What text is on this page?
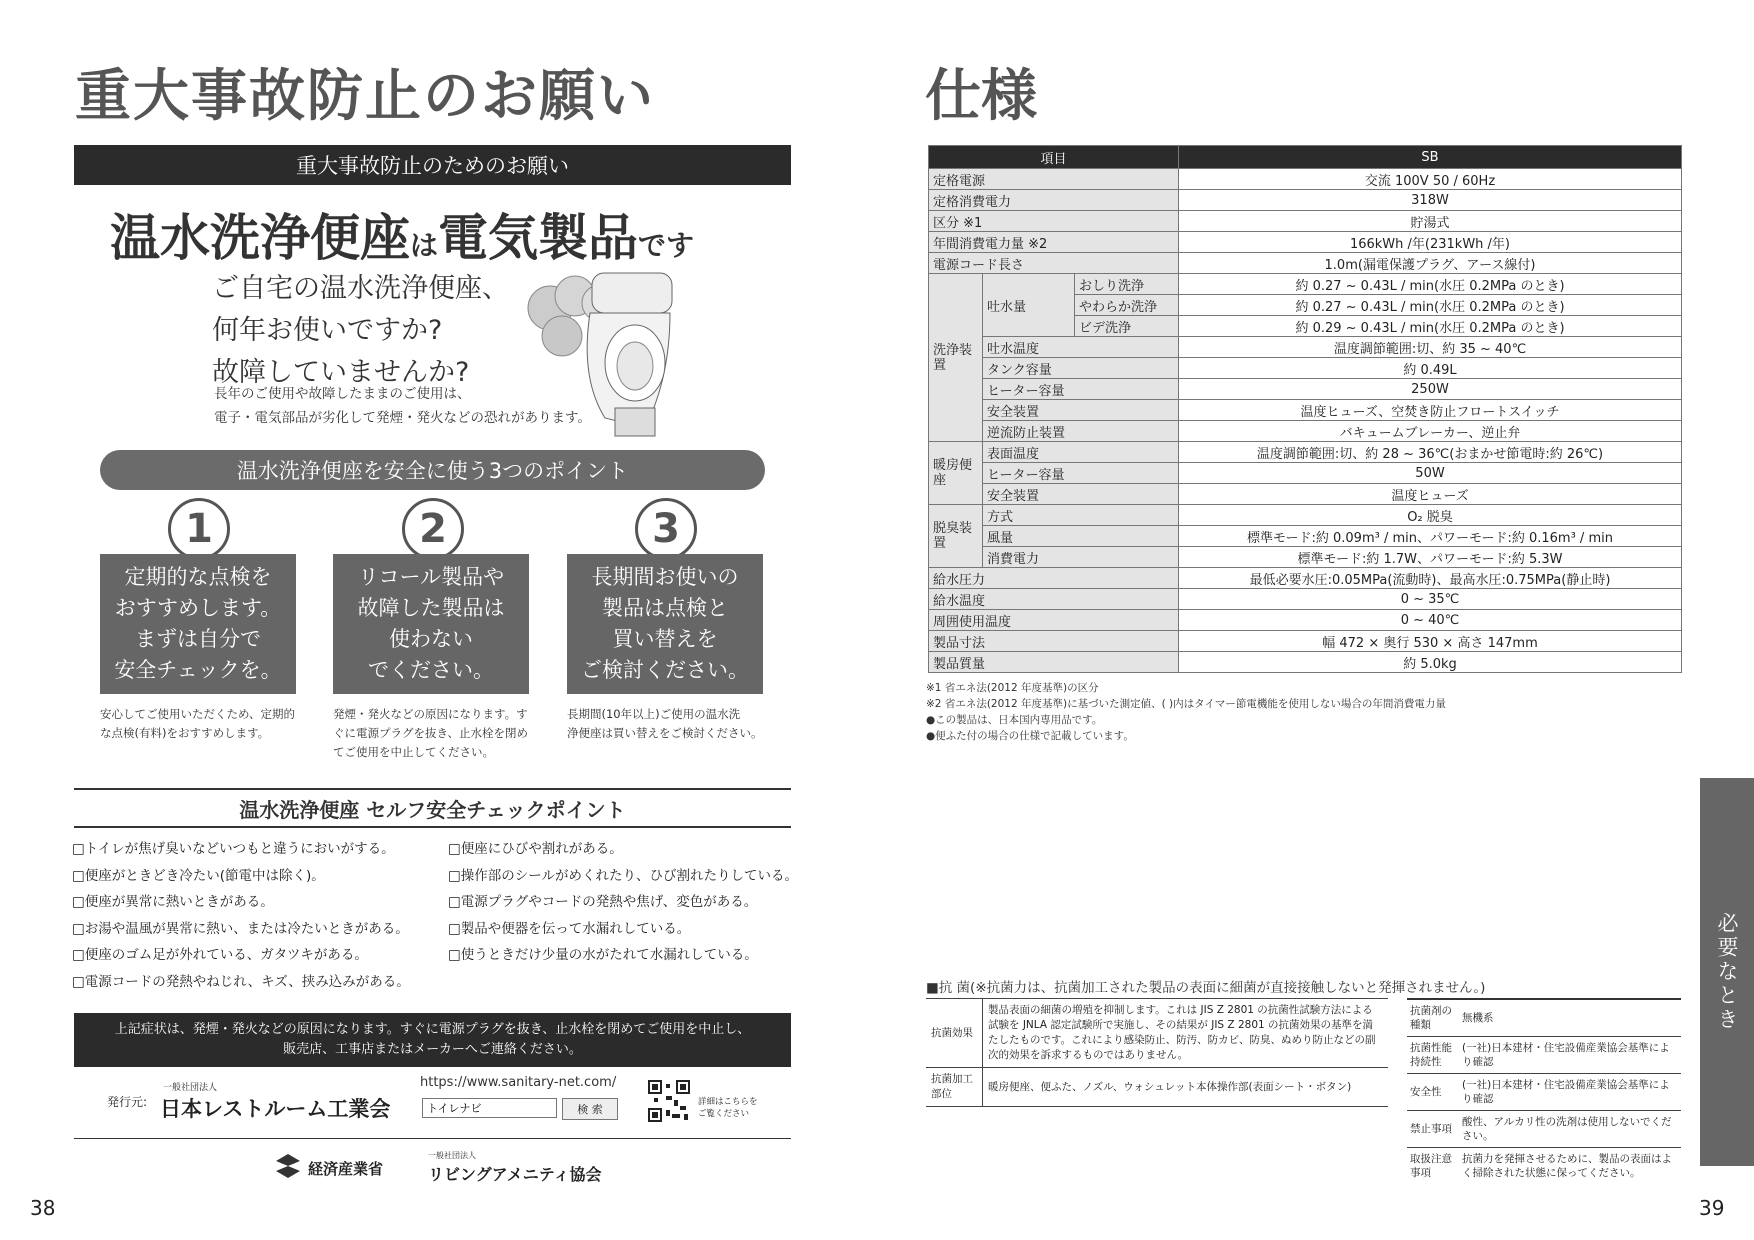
重大事故防止のお願い
重大事故防止のためのお願い
温水洗浄便座は電気製品です
ご自宅の温水洗浄便座、
何年お使いですか?
故障していませんか?
長年のご使用や故障したままのご使用は、
電子・電気部品が劣化して発煙・発火などの恐れがあります。
温水洗浄便座を安全に使う3つのポイント
1
定期的な点検を
おすすめします。
まずは自分で
安全チェックを。
安心してご使用いただくため、定期的
な点検(有料)をおすすめします。
2
リコール製品や
故障した製品は
使わない
でください。
発煙・発火などの原因になります。す
ぐに電源プラグを抜き、止水栓を閉め
てご使用を中止してください。
3
長期間お使いの
製品は点検と
買い替えを
ご検討ください。
長期間(10年以上)ご使用の温水洗
浄便座は買い替えをご検討ください。
温水洗浄便座 セルフ安全チェックポイント
□トイレが焦げ臭いなどいつもと違うにおいがする。
□便座がときどき冷たい(節電中は除く)。
□便座が異常に熱いときがある。
□お湯や温風が異常に熱い、または冷たいときがある。
□便座のゴム足が外れている、ガタツキがある。
□電源コードの発熱やねじれ、キズ、挟み込みがある。
□便座にひびや割れがある。
□操作部のシールがめくれたり、ひび割れたりしている。
□電源プラグやコードの発熱や焦げ、変色がある。
□製品や便器を伝って水漏れしている。
□使うときだけ少量の水がたれて水漏れしている。
上記症状は、発煙・発火などの原因になります。すぐに電源プラグを抜き、止水栓を閉めてご使用を中止し、
販売店、工事店またはメーカーへご連絡ください。
発行元:
一般社団法人
日本レストルーム工業会
https://www.sanitary-net.com/
トイレナビ
検 索
詳細はこちらを
ご覧ください
経済産業省
一般社団法人
リビングアメニティ協会
38
仕様
項目			SB
定格電源			交流 100V 50 / 60Hz
定格消費電力			318W
区分 ※1			貯湯式
年間消費電力量 ※2			166kWh /年(231kWh /年)
電源コード長さ			1.0m(漏電保護プラグ、アース線付)
洗浄装置	吐水量	おしり洗浄	約 0.27 ~ 0.43L / min(水圧 0.2MPa のとき)
		やわらか洗浄	約 0.27 ~ 0.43L / min(水圧 0.2MPa のとき)
		ビデ洗浄	約 0.29 ~ 0.43L / min(水圧 0.2MPa のとき)
	吐水温度		温度調節範囲:切、約 35 ~ 40℃
	タンク容量		約 0.49L
	ヒーター容量		250W
	安全装置		温度ヒューズ、空焚き防止フロートスイッチ
	逆流防止装置		バキュームブレーカー、逆止弁
暖房便座	表面温度		温度調節範囲:切、約 28 ~ 36℃(おまかせ節電時:約 26℃)
	ヒーター容量		50W
	安全装置		温度ヒューズ
脱臭装置	方式		O₂ 脱臭
	風量		標準モード:約 0.09m³ / min、パワーモード:約 0.16m³ / min
	消費電力		標準モード:約 1.7W、パワーモード:約 5.3W
給水圧力			最低必要水圧:0.05MPa(流動時)、最高水圧:0.75MPa(静止時)
給水温度			0 ~ 35℃
周囲使用温度			0 ~ 40℃
製品寸法			幅 472 × 奥行 530 × 高さ 147mm
製品質量			約 5.0kg
※1 省エネ法(2012 年度基準)の区分
※2 省エネ法(2012 年度基準)に基づいた測定値、( )内はタイマー節電機能を使用しない場合の年間消費電力量
●この製品は、日本国内専用品です。
●便ふた付の場合の仕様で記載しています。
必要なとき
■抗 菌(※抗菌力は、抗菌加工された製品の表面に細菌が直接接触しないと発揮されません。)
抗菌効果	製品表面の細菌の増殖を抑制します。これは JIS Z 2801 の抗菌性試験方法による試験を JNLA 認定試験所で実施し、その結果が JIS Z 2801 の抗菌効果の基準を満たしたものです。これにより感染防止、防汚、防カビ、防臭、ぬめり防止などの副次的効果を訴求するものではありません。
抗菌加工部位	暖房便座、便ふた、ノズル、ウォシュレット本体操作部(表面シート・ボタン)
抗菌剤の種類	無機系
抗菌性能持続性	(一社)日本建材・住宅設備産業協会基準により確認
安全性	(一社)日本建材・住宅設備産業協会基準により確認
禁止事項	酸性、アルカリ性の洗剤は使用しないでください。
取扱注意事項	抗菌力を発揮させるために、製品の表面はよく掃除された状態に保ってください。
39
